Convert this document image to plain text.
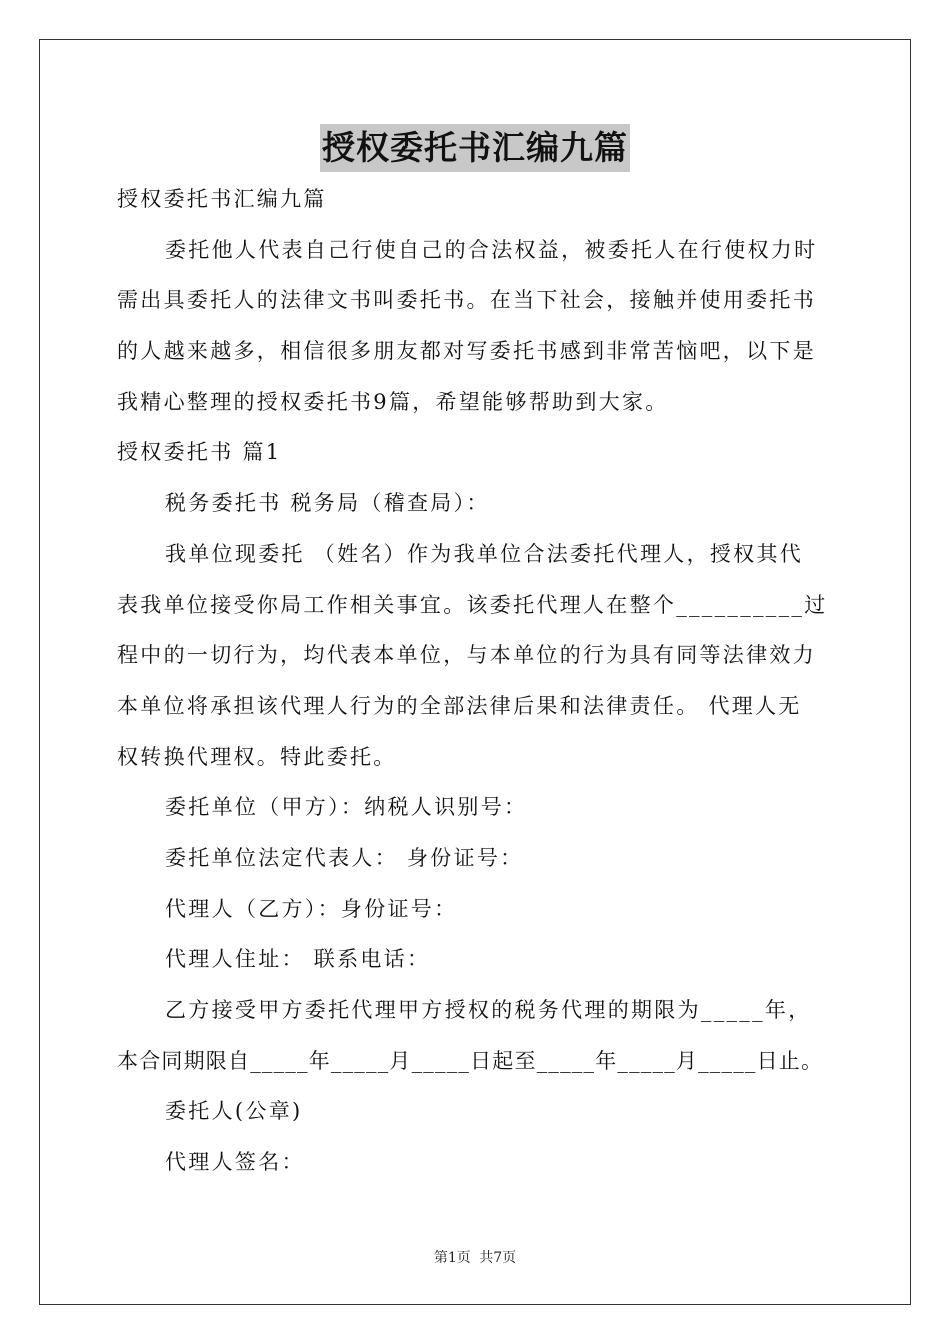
授权委托书汇编九篇
授权委托书汇编九篇
委托他人代表自己行使自己的合法权益，被委托人在行使权力时
需出具委托人的法律文书叫委托书。在当下社会，接触并使用委托书
的人越来越多，相信很多朋友都对写委托书感到非常苦恼吧，以下是
我精心整理的授权委托书9篇，希望能够帮助到大家。
授权委托书 篇1
税务委托书 税务局（稽查局）：
我单位现委托 （姓名）作为我单位合法委托代理人，授权其代
表我单位接受你局工作相关事宜。该委托代理人在整个__________过
程中的一切行为，均代表本单位，与本单位的行为具有同等法律效力
本单位将承担该代理人行为的全部法律后果和法律责任。 代理人无
权转换代理权。特此委托。
委托单位（甲方）：纳税人识别号：
委托单位法定代表人： 身份证号：
代理人（乙方）：身份证号：
代理人住址： 联系电话：
乙方接受甲方委托代理甲方授权的税务代理的期限为_____年，
本合同期限自_____年_____月_____日起至_____年_____月_____日止。
委托人(公章)
代理人签名：
第1页 共7页
